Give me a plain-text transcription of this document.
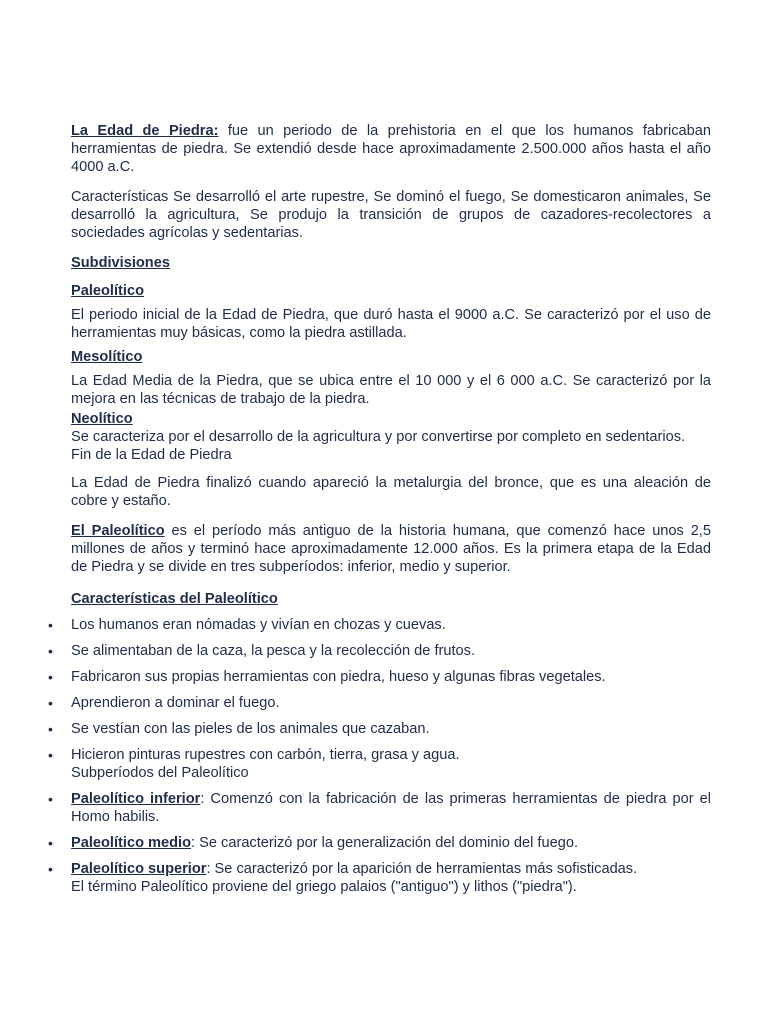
La Edad de Piedra: fue un periodo de la prehistoria en el que los humanos fabricaban herramientas de piedra. Se extendió desde hace aproximadamente 2.500.000 años hasta el año 4000 a.C.

Características Se desarrolló el arte rupestre, Se dominó el fuego, Se domesticaron animales, Se desarrolló la agricultura, Se produjo la transición de grupos de cazadores-recolectores a sociedades agrícolas y sedentarias.

Subdivisiones

Paleolítico

El periodo inicial de la Edad de Piedra, que duró hasta el 9000 a.C. Se caracterizó por el uso de herramientas muy básicas, como la piedra astillada.

Mesolítico

La Edad Media de la Piedra, que se ubica entre el 10 000 y el 6 000 a.C. Se caracterizó por la mejora en las técnicas de trabajo de la piedra.

Neolítico

Se caracteriza por el desarrollo de la agricultura y por convertirse por completo en sedentarios.

Fin de la Edad de Piedra

La Edad de Piedra finalizó cuando apareció la metalurgia del bronce, que es una aleación de cobre y estaño.

El Paleolítico es el período más antiguo de la historia humana, que comenzó hace unos 2,5 millones de años y terminó hace aproximadamente 12.000 años. Es la primera etapa de la Edad de Piedra y se divide en tres subperíodos: inferior, medio y superior.

Características del Paleolítico

• Los humanos eran nómadas y vivían en chozas y cuevas.
• Se alimentaban de la caza, la pesca y la recolección de frutos.
• Fabricaron sus propias herramientas con piedra, hueso y algunas fibras vegetales.
• Aprendieron a dominar el fuego.
• Se vestían con las pieles de los animales que cazaban.
• Hicieron pinturas rupestres con carbón, tierra, grasa y agua.
Subperíodos del Paleolítico
• Paleolítico inferior: Comenzó con la fabricación de las primeras herramientas de piedra por el Homo habilis.
• Paleolítico medio: Se caracterizó por la generalización del dominio del fuego.
• Paleolítico superior: Se caracterizó por la aparición de herramientas más sofisticadas.
El término Paleolítico proviene del griego palaios ("antiguo") y lithos ("piedra").
